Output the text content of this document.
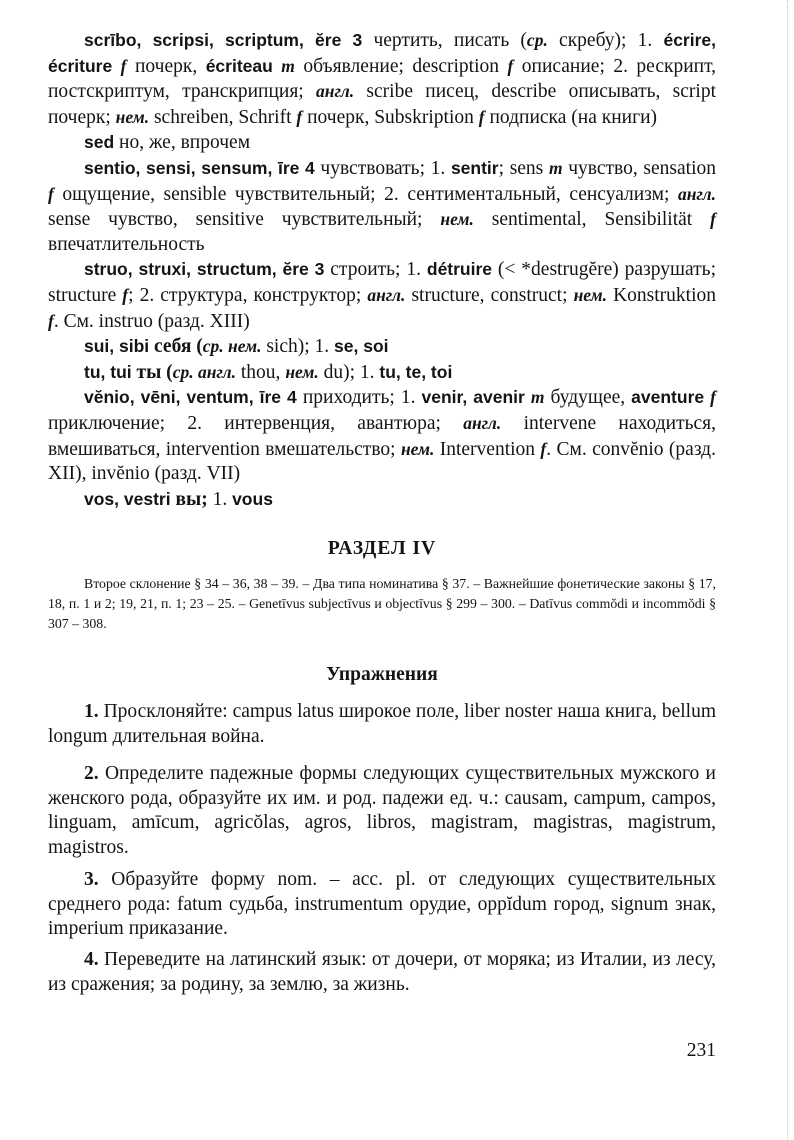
scrībo, scripsi, scriptum, ĕre 3 чертить, писать (ср. скребу); 1. écrire, écriture f почерк, écriteau m объявление; description f описание; 2. рескрипт, постскриптум, транскрипция; англ. scribe писец, describe описывать, script почерк; нем. schreiben, Schrift f почерк, Subskription f подписка (на книги)

sed но, же, впрочем

sentio, sensi, sensum, īre 4 чувствовать; 1. sentir; sens m чувство, sensation f ощущение, sensible чувствительный; 2. сентиментальный, сенсуализм; англ. sense чувство, sensitive чувствительный; нем. sentimental, Sensibilität f впечатлительность

struo, struxi, structum, ĕre 3 строить; 1. détruire (< *destrugĕre) разрушать; structure f; 2. структура, конструктор; англ. structure, construct; нем. Konstruktion f. См. instruo (разд. XIII)

sui, sibi себя (ср. нем. sich); 1. se, soi

tu, tui ты (ср. англ. thou, нем. du); 1. tu, te, toi

vĕnio, vēni, ventum, īre 4 приходить; 1. venir, avenir m будущее, aventure f приключение; 2. интервенция, авантюра; англ. intervene находиться, вмешиваться, intervention вмешательство; нем. Intervention f. См. convĕnio (разд. XII), invĕnio (разд. VII)

vos, vestri вы; 1. vous

РАЗДЕЛ IV

Второе склонение § 34 – 36, 38 – 39. – Два типа номинатива § 37. – Важнейшие фонетические законы § 17, 18, п. 1 и 2; 19, 21, п. 1; 23 – 25. – Genetīvus subjectīvus и objectīvus § 299 – 300. – Datīvus commŏdi и incommŏdi § 307 – 308.

Упражнения

1. Просклоняйте: campus latus широкое поле, liber noster наша книга, bellum longum длительная война.

2. Определите падежные формы следующих существительных мужского и женского рода, образуйте их им. и род. падежи ед. ч.: causam, campum, campos, linguam, amīcum, agricŏlas, agros, libros, magistram, magistras, magistrum, magistros.

3. Образуйте форму nom. – acc. pl. от следующих существительных среднего рода: fatum судьба, instrumentum орудие, oppĭdum город, signum знак, imperium приказание.

4. Переведите на латинский язык: от дочери, от моряка; из Италии, из лесу, из сражения; за родину, за землю, за жизнь.

231
